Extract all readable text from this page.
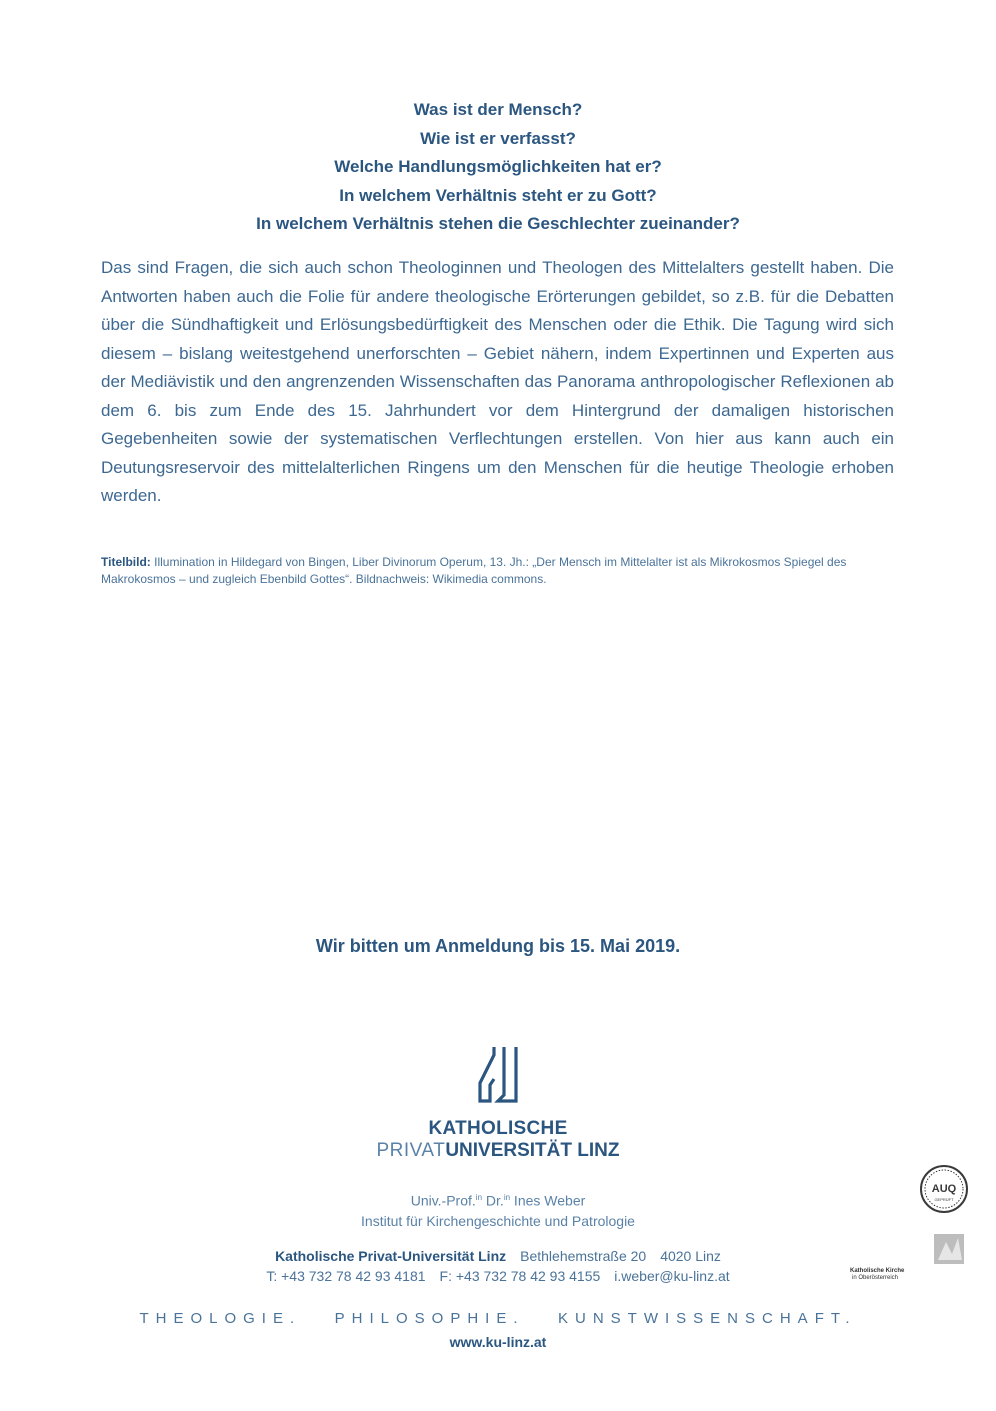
Was ist der Mensch?
Wie ist er verfasst?
Welche Handlungsmöglichkeiten hat er?
In welchem Verhältnis steht er zu Gott?
In welchem Verhältnis stehen die Geschlechter zueinander?
Das sind Fragen, die sich auch schon Theologinnen und Theologen des Mittelalters gestellt haben. Die Antworten haben auch die Folie für andere theologische Erörterungen gebildet, so z.B. für die Debatten über die Sündhaftigkeit und Erlösungsbedürftigkeit des Menschen oder die Ethik. Die Tagung wird sich diesem – bislang weitestgehend unerforschten – Gebiet nähern, indem Expertinnen und Experten aus der Mediävistik und den angrenzenden Wissenschaften das Panorama anthropologischer Reflexionen ab dem 6. bis zum Ende des 15. Jahrhundert vor dem Hintergrund der damaligen historischen Gegebenheiten sowie der systematischen Verflechtungen erstellen. Von hier aus kann auch ein Deutungsreservoir des mittelalterlichen Ringens um den Menschen für die heutige Theologie erhoben werden.
Titelbild: Illumination in Hildegard von Bingen, Liber Divinorum Operum, 13. Jh.: „Der Mensch im Mittelalter ist als Mikrokosmos Spiegel des Makrokosmos – und zugleich Ebenbild Gottes“. Bildnachweis: Wikimedia commons.
Wir bitten um Anmeldung bis 15. Mai 2019.
KATHOLISCHE
PRIVATUNIVERSITÄT LINZ
Univ.-Prof.$^{in}$ Dr.$^{in}$ Ines Weber
Institut für Kirchengeschichte und Patrologie
Katholische Privat-Universität Linz Bethlehemstraße 20 4020 Linz
T: +43 732 78 42 93 4181 F: +43 732 78 42 93 4155 i.weber@ku-linz.at
THEOLOGIE.   PHILOSOPHIE.   KUNSTWISSENSCHAFT.
www.ku-linz.at
AUQ
GEPRÜFT
Katholische Kirche
in Oberösterreich
